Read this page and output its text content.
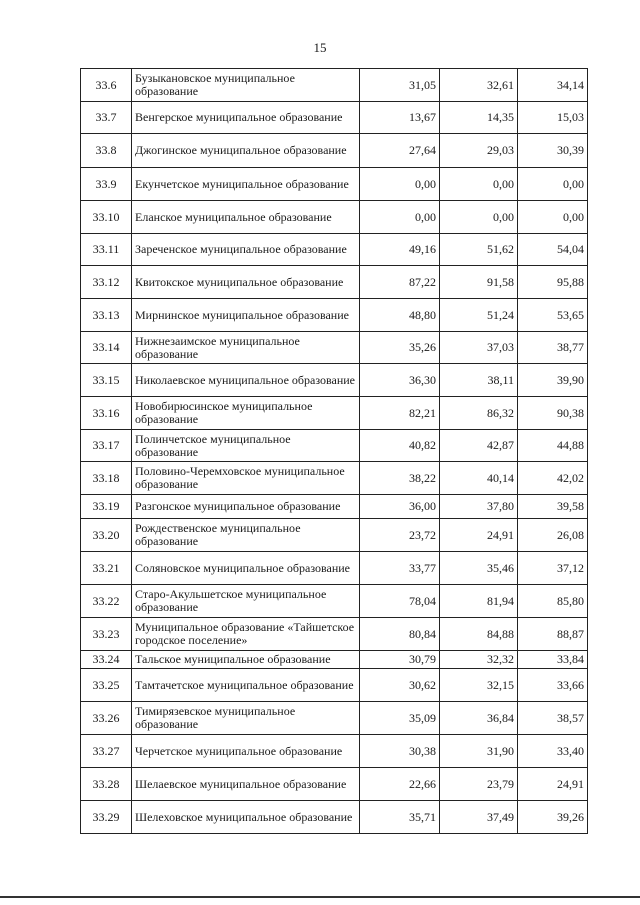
15
33.6	Бузыкановское муниципальное образование	31,05	32,61	34,14
33.7	Венгерское муниципальное образование	13,67	14,35	15,03
33.8	Джогинское муниципальное образование	27,64	29,03	30,39
33.9	Екунчетское муниципальное образование	0,00	0,00	0,00
33.10	Еланское муниципальное образование	0,00	0,00	0,00
33.11	Зареченское муниципальное образование	49,16	51,62	54,04
33.12	Квитокское муниципальное образование	87,22	91,58	95,88
33.13	Мирнинское муниципальное образование	48,80	51,24	53,65
33.14	Нижнезаимское муниципальное образование	35,26	37,03	38,77
33.15	Николаевское муниципальное образование	36,30	38,11	39,90
33.16	Новобирюсинское муниципальное образование	82,21	86,32	90,38
33.17	Полинчетское муниципальное образование	40,82	42,87	44,88
33.18	Половино-Черемховское муниципальное образование	38,22	40,14	42,02
33.19	Разгонское муниципальное образование	36,00	37,80	39,58
33.20	Рождественское муниципальное образование	23,72	24,91	26,08
33.21	Соляновское муниципальное образование	33,77	35,46	37,12
33.22	Старо-Акульшетское муниципальное образование	78,04	81,94	85,80
33.23	Муниципальное образование «Тайшетское городское поселение»	80,84	84,88	88,87
33.24	Тальское муниципальное образование	30,79	32,32	33,84
33.25	Тамтачетское муниципальное образование	30,62	32,15	33,66
33.26	Тимирязевское муниципальное образование	35,09	36,84	38,57
33.27	Черчетское муниципальное образование	30,38	31,90	33,40
33.28	Шелаевское муниципальное образование	22,66	23,79	24,91
33.29	Шелеховское муниципальное образование	35,71	37,49	39,26
